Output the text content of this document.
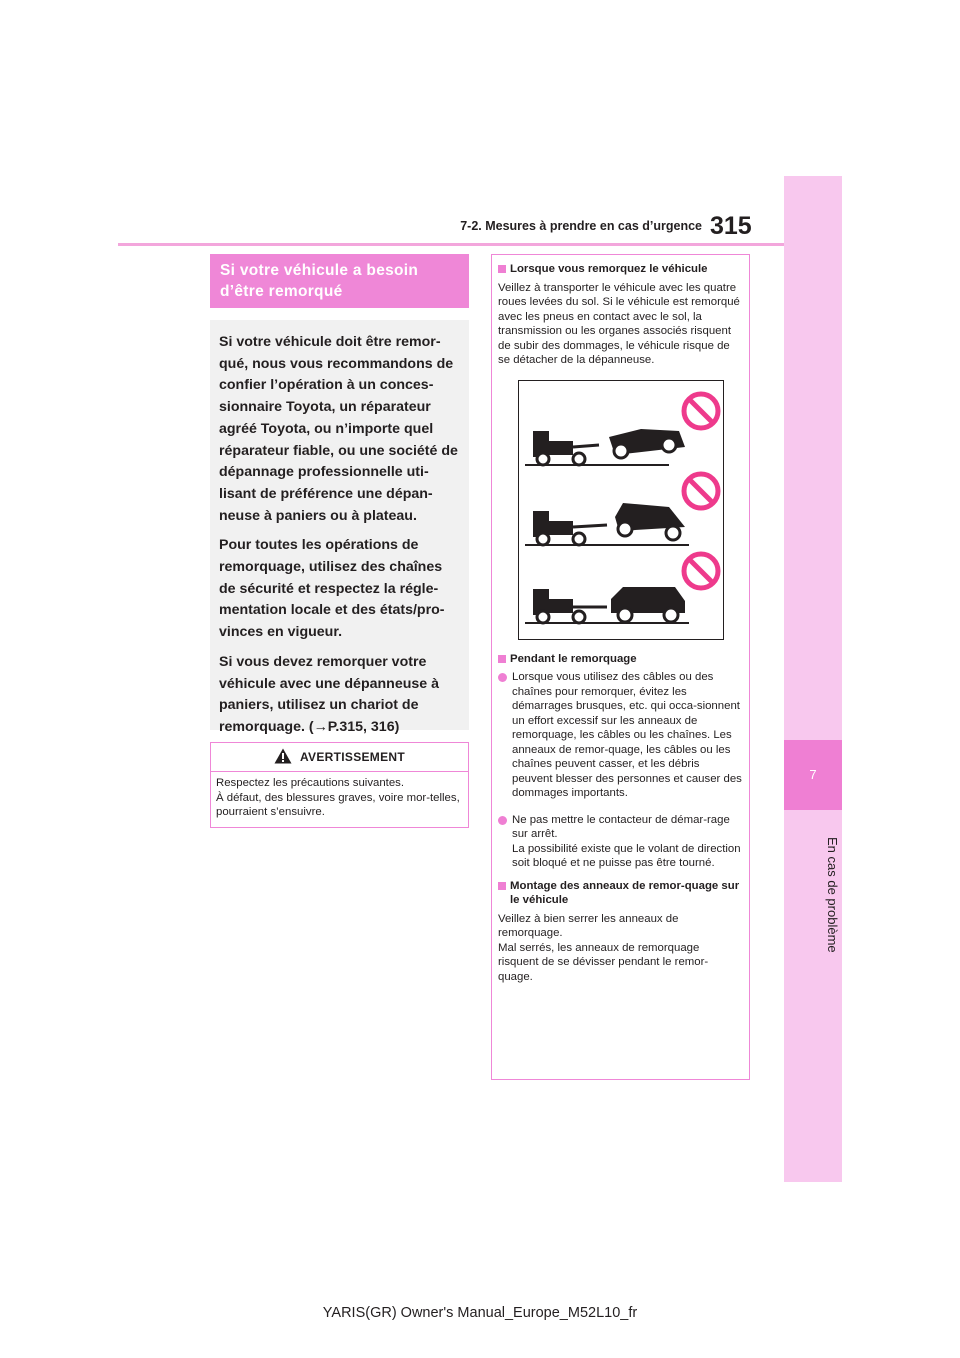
7
En cas de problème
7-2. Mesures à prendre en cas d’urgence 315
Si votre véhicule a besoin d’être remorqué

Si votre véhicule doit être remor-qué, nous vous recommandons de confier l’opération à un conces-sionnaire Toyota, un réparateur agréé Toyota, ou n’importe quel réparateur fiable, ou une société de dépannage professionnelle uti-lisant de préférence une dépan-neuse à paniers ou à plateau.

Pour toutes les opérations de remorquage, utilisez des chaînes de sécurité et respectez la régle-mentation locale et des états/pro-vinces en vigueur.

Si vous devez remorquer votre véhicule avec une dépanneuse à paniers, utilisez un chariot de remorquage. (→P.315, 316)

AVERTISSEMENT
Respectez les précautions suivantes.
À défaut, des blessures graves, voire mor-telles, pourraient s’ensuivre.
Lorsque vous remorquez le véhicule
Veillez à transporter le véhicule avec les quatre roues levées du sol. Si le véhicule est remorqué avec les pneus en contact avec le sol, la transmission ou les organes associés risquent de subir des dommages, le véhicule risque de se détacher de la dépanneuse.
Pendant le remorquage
Lorsque vous utilisez des câbles ou des chaînes pour remorquer, évitez les démarrages brusques, etc. qui occa-sionnent un effort excessif sur les anneaux de remorquage, les câbles ou les chaînes. Les anneaux de remor-quage, les câbles ou les chaînes peuvent casser, et les débris peuvent blesser des personnes et causer des dommages importants.
Ne pas mettre le contacteur de démar-rage sur arrêt.
La possibilité existe que le volant de direction soit bloqué et ne puisse pas être tourné.
Montage des anneaux de remor-quage sur le véhicule
Veillez à bien serrer les anneaux de remorquage.
Mal serrés, les anneaux de remorquage risquent de se dévisser pendant le remor-quage.
YARIS(GR) Owner's Manual_Europe_M52L10_fr
